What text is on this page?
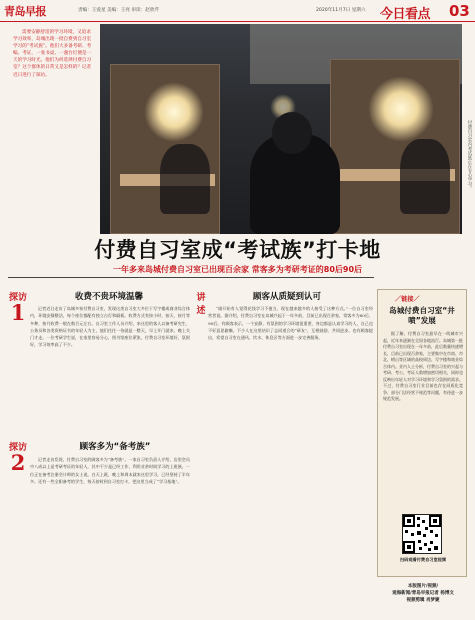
青岛早报	责编：王爱星 美编：王亮 审读：赵欣芹	2020年11月7日 星期六 今日看点 03

需要安静舒适的学习环境，又追求学习效率，岛城出现一批自费到自习室学习的“考试族”。他们大多备考研、考编、考证，一张书桌、一盏台灯便是一天的学习时光。他们为何选择付费自习室？这个群体的日常又是怎样的？记者近日进行了探访。

付费自习室内考试族正在专心学习。
付费自习室成“考试族”打卡地
一年多来岛城付费自习室已出现百余家 常客多为考研考证的80后90后
探访
1
收费不贵环境温馨

记者近日走访了岛城多家付费自习室，发现这类自习室大多位于写字楼或商业综合体内，环境安静整洁，每个座位都配有独立台灯和隔板。收费方式有按小时、按天、按月等多种，按月收费一般在数百元左右。自习室工作人员介绍，来这里的客人以备考研究生、公务员和各类资格证书的年轻人为主，他们往往一待就是一整天，早上开门就来，晚上关门才走。一位考研学生说，在家里容易分心，图书馆座位紧张，付费自习室环境好、氛围好，学习效率高了不少。

探访
2
顾客多为“备考族”

记者走访发现，付费自习室的顾客多为“备考族”。一家自习室负责人介绍，店里会员中八成以上是考研考证的年轻人，其中不少是已经工作、利用业余时间学习的上班族。一位正在备考注册会计师的女士说，白天上班，晚上和周末就来这里学习，已经坚持了半年多。还有一些全职备考的学生，每天按时到自习室打卡，把这里当成了“学习基地”。

讲述
顾客从质疑到认可

“刚开始有人觉得花钱学习不值当，现在越来越多的人接受了这种方式。”一位自习室经营者说。据介绍，付费自习室在岛城兴起于一年多前，目前已出现百余家，常客多为80后、90后。有顾客表示，一个安静、有氛围的学习环境很重要，身边都是认真学习的人，自己也不好意思偷懒。不少人在这里结识了志同道合的“研友”，互相鼓励、共同进步。也有顾客提出，希望自习室在通风、饮水、休息区等方面进一步完善服务。

／链接／
岛城付费自习室“井喷”发展

据了解，付费自习室最早在一线城市兴起，近年来逐渐在全国各地流行。岛城第一批付费自习室出现在一年多前，此后数量快速增长，目前已出现百余家，主要集中在市南、市北、崂山等区域的高校周边、写字楼和商业综合体内。业内人士分析，付费自习室的兴起与考研、考公、考证人数增加密切相关，同时也反映出年轻人对学习环境和学习氛围的需求。不过，付费自习室行业目前也存在同质化竞争、部分门店经营不规范等问题，有待进一步规范发展。

扫码观看付费自习室视频
本版图片/视频/
观海新闻/青岛早报记者 杨博文
视频剪辑 肖梦婕
